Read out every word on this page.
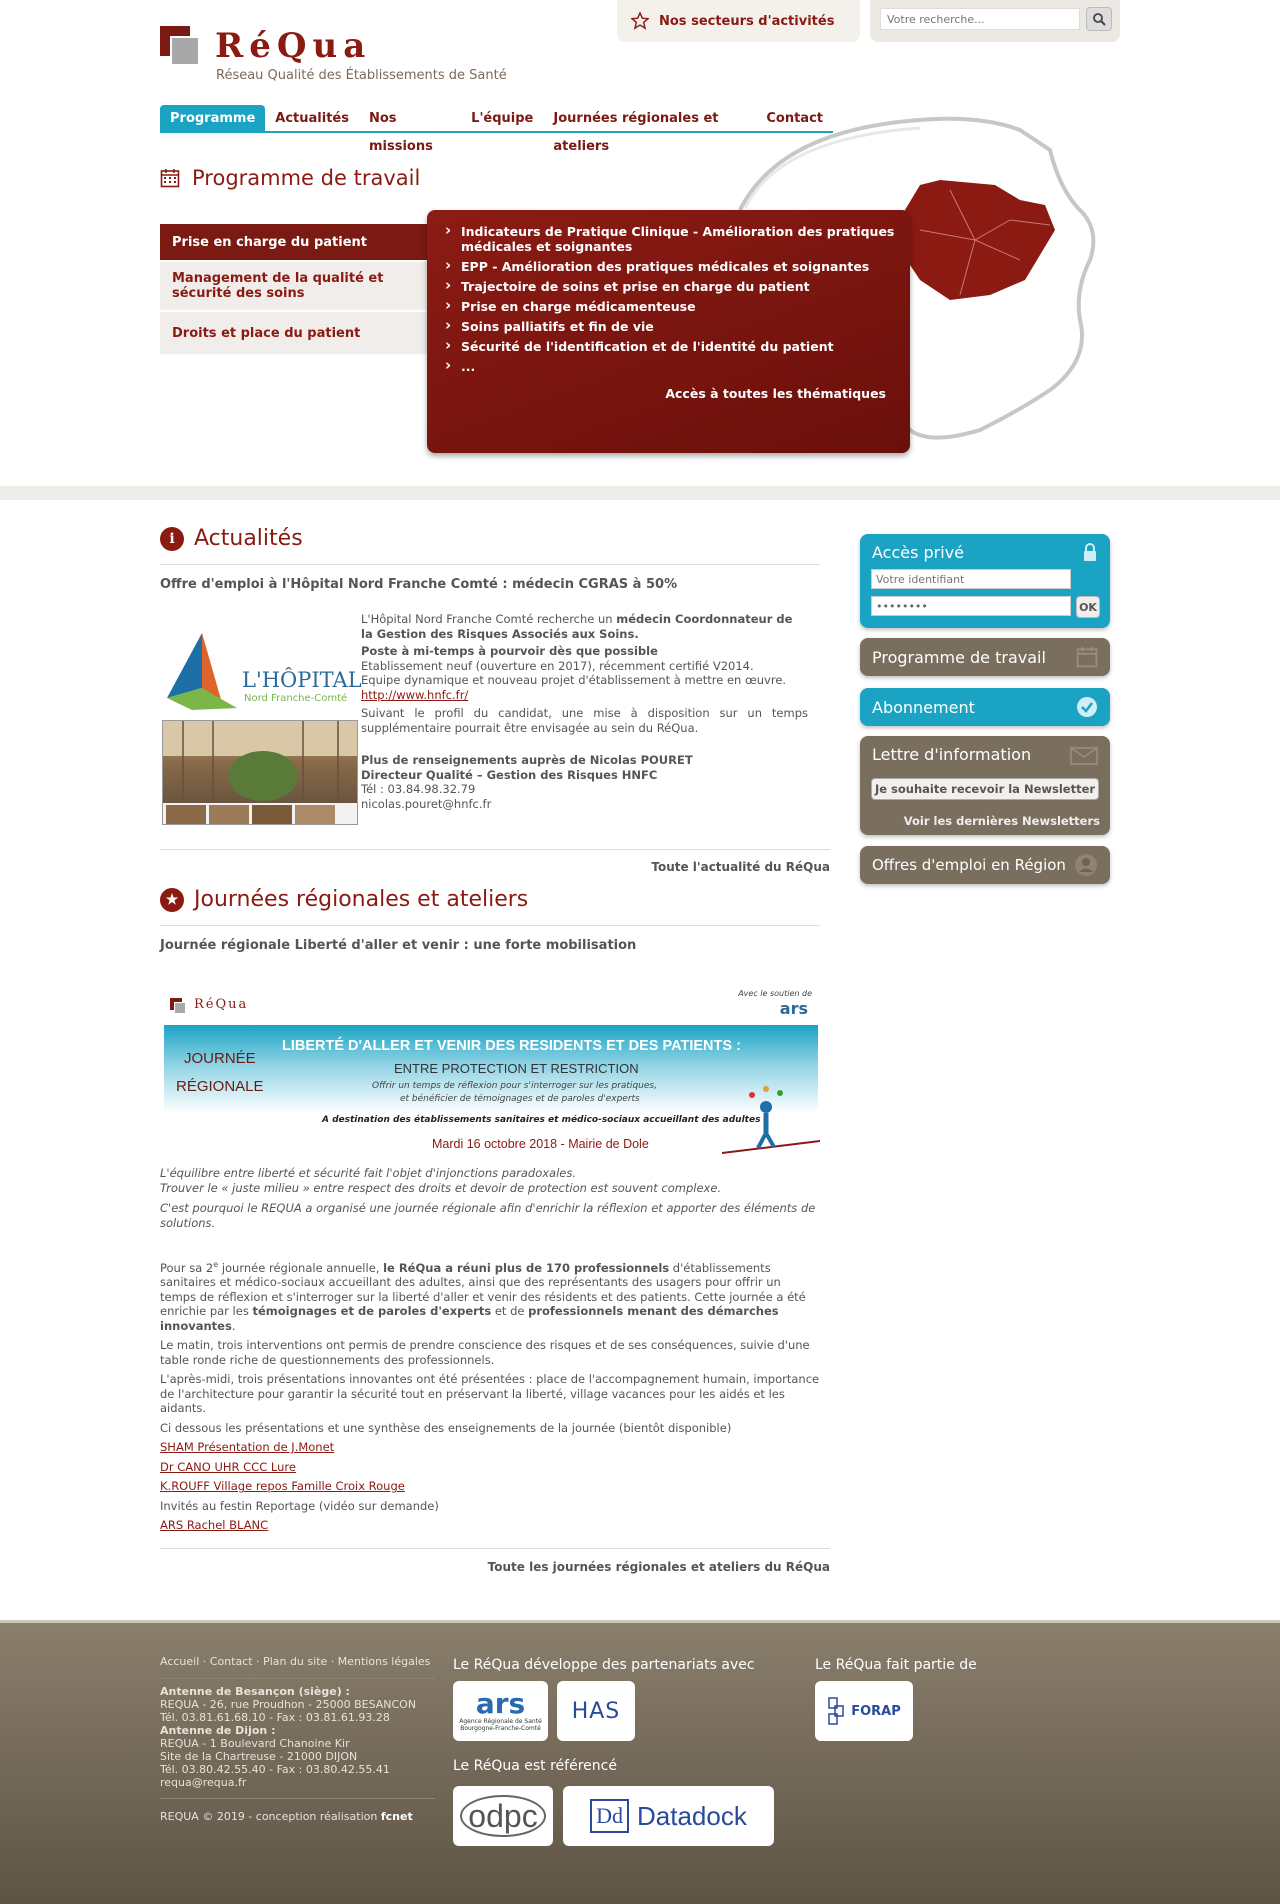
RéQua
Réseau Qualité des Établissements de Santé
Nos secteurs d'activités
Votre recherche...
Programme	Actualités	Nos missions
L'équipe	Journées régionales et ateliers
Contact
Programme de travail
Prise en charge du patient
Management de la qualité et sécurité des soins
Droits et place du patient
› Indicateurs de Pratique Clinique - Amélioration des pratiques médicales et soignantes
› EPP - Amélioration des pratiques médicales et soignantes
› Trajectoire de soins et prise en charge du patient
› Prise en charge médicamenteuse
› Soins palliatifs et fin de vie
› Sécurité de l'identification et de l'identité du patient
› ...
Accès à toutes les thématiques
i Actualités
Offre d'emploi à l'Hôpital Nord Franche Comté : médecin CGRAS à 50%
L'HÔPITAL
Nord Franche-Comté

L'Hôpital Nord Franche Comté recherche un médecin Coordonnateur de la Gestion des Risques Associés aux Soins.

Poste à mi-temps à pourvoir dès que possible

Etablissement neuf (ouverture en 2017), récemment certifié V2014.

Equipe dynamique et nouveau projet d'établissement à mettre en œuvre.

http://www.hnfc.fr/

Suivant le profil du candidat, une mise à disposition sur un temps supplémentaire pourrait être envisagée au sein du RéQua.

Plus de renseignements auprès de Nicolas POURET

Directeur Qualité – Gestion des Risques HNFC

Tél : 03.84.98.32.79

nicolas.pouret@hnfc.fr

Toute l'actualité du RéQua
★ Journées régionales et ateliers
Journée régionale Liberté d'aller et venir : une forte mobilisation
RéQua
Avec le soutien de
ars
JOURNÉE
RÉGIONALE
LIBERTÉ D'ALLER ET VENIR DES RESIDENTS ET DES PATIENTS :
ENTRE PROTECTION ET RESTRICTION
Offrir un temps de réflexion pour s'interroger sur les pratiques,
et bénéficier de témoignages et de paroles d'experts
A destination des établissements sanitaires et médico-sociaux accueillant des adultes
Mardi 16 octobre 2018 - Mairie de Dole

L'équilibre entre liberté et sécurité fait l'objet d'injonctions paradoxales.

Trouver le « juste milieu » entre respect des droits et devoir de protection est souvent complexe.

C'est pourquoi le REQUA a organisé une journée régionale afin d'enrichir la réflexion et apporter des éléments de solutions.

Pour sa 2e journée régionale annuelle, le RéQua a réuni plus de 170 professionnels d'établissements sanitaires et médico-sociaux accueillant des adultes, ainsi que des représentants des usagers pour offrir un temps de réflexion et s'interroger sur la liberté d'aller et venir des résidents et des patients. Cette journée a été enrichie par les témoignages et de paroles d'experts et de professionnels menant des démarches innovantes.

Le matin, trois interventions ont permis de prendre conscience des risques et de ses conséquences, suivie d'une table ronde riche de questionnements des professionnels.

L'après-midi, trois présentations innovantes ont été présentées : place de l'accompagnement humain, importance de l'architecture pour garantir la sécurité tout en préservant la liberté, village vacances pour les aidés et les aidants.

Ci dessous les présentations et une synthèse des enseignements de la journée (bientôt disponible)

SHAM Présentation de J.Monet
Dr CANO UHR CCC Lure
K.ROUFF Village repos Famille Croix Rouge

Invités au festin Reportage (vidéo sur demande)

ARS Rachel BLANC
Toute les journées régionales et ateliers du RéQua
Accès privé
Votre identifiant
••••••••
OK
Programme de travail
Abonnement
Lettre d'information
Je souhaite recevoir la Newsletter
Voir les dernières Newsletters
Offres d'emploi en Région
Accueil · Contact · Plan du site · Mentions légales

Antenne de Besançon (siège) :

REQUA - 26, rue Proudhon - 25000 BESANCON

Tél. 03.81.61.68.10 - Fax : 03.81.61.93.28

Antenne de Dijon :

REQUA - 1 Boulevard Chanoine Kir

Site de la Chartreuse - 21000 DIJON

Tél. 03.80.42.55.40 - Fax : 03.80.42.55.41

requa@requa.fr

REQUA © 2019 - conception réalisation fcnet
Le RéQua développe des partenariats avec
ars
Agence Régionale de Santé
Bourgogne-Franche-Comté
HAS
Le RéQua fait partie de
FORAP
Le RéQua est référencé
odpc	Dd Datadock
